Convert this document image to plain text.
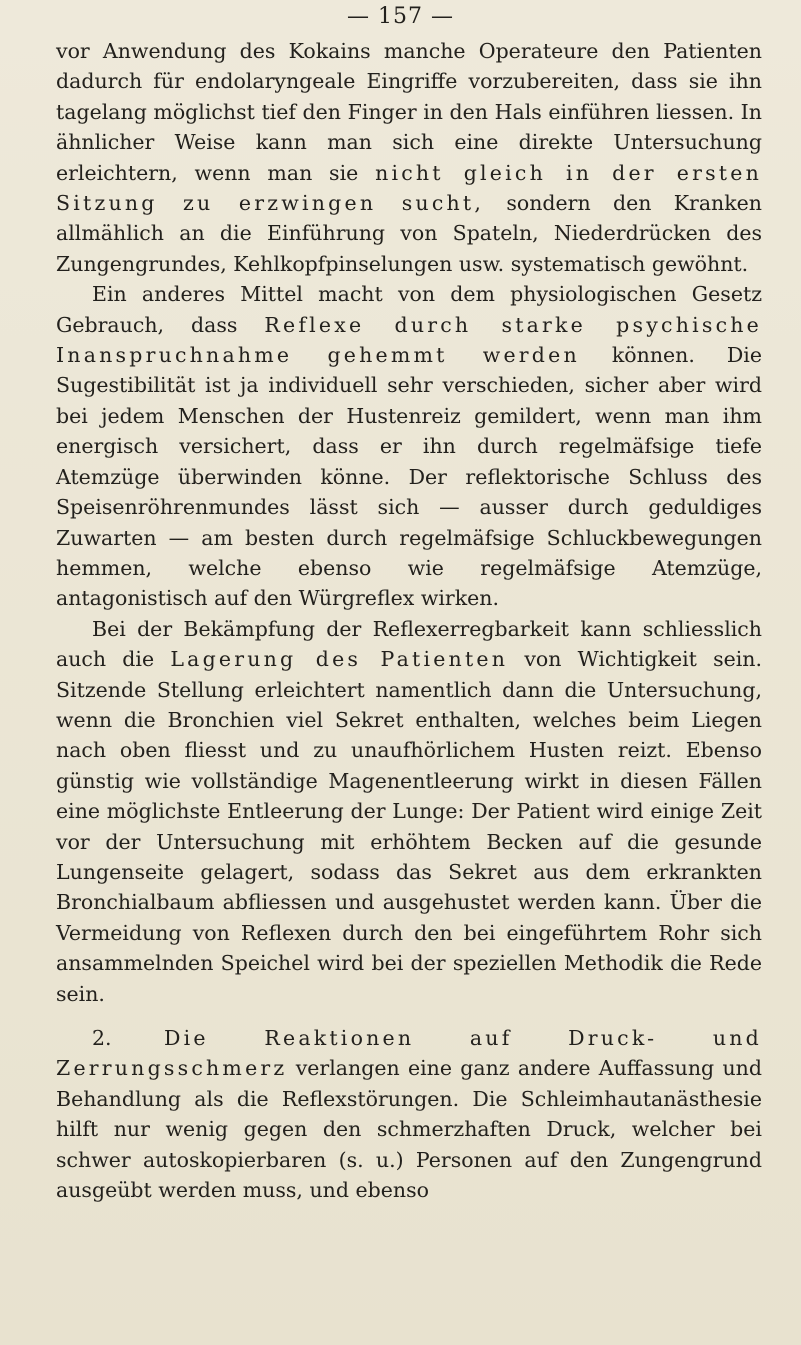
— 157 —

vor Anwendung des Kokains manche Operateure den Patienten dadurch für endolaryngeale Eingriffe vorzubereiten, dass sie ihn tagelang möglichst tief den Finger in den Hals einführen liessen. In ähnlicher Weise kann man sich eine direkte Untersuchung erleichtern, wenn man sie nicht gleich in der ersten Sitzung zu erzwingen sucht, sondern den Kranken allmählich an die Einführung von Spateln, Niederdrücken des Zungengrundes, Kehlkopfpinselungen usw. systematisch gewöhnt.

Ein anderes Mittel macht von dem physiologischen Gesetz Gebrauch, dass Reflexe durch starke psychische Inanspruchnahme gehemmt werden können. Die Sugestibilität ist ja individuell sehr verschieden, sicher aber wird bei jedem Menschen der Hustenreiz gemildert, wenn man ihm energisch versichert, dass er ihn durch regelmäfsige tiefe Atemzüge überwinden könne. Der reflektorische Schluss des Speisenröhrenmundes lässt sich — ausser durch geduldiges Zuwarten — am besten durch regelmäfsige Schluckbewegungen hemmen, welche ebenso wie regelmäfsige Atemzüge, antagonistisch auf den Würgreflex wirken.

Bei der Bekämpfung der Reflexerregbarkeit kann schliesslich auch die Lagerung des Patienten von Wichtigkeit sein. Sitzende Stellung erleichtert namentlich dann die Untersuchung, wenn die Bronchien viel Sekret enthalten, welches beim Liegen nach oben fliesst und zu unaufhörlichem Husten reizt. Ebenso günstig wie vollständige Magenentleerung wirkt in diesen Fällen eine möglichste Entleerung der Lunge: Der Patient wird einige Zeit vor der Untersuchung mit erhöhtem Becken auf die gesunde Lungenseite gelagert, sodass das Sekret aus dem erkrankten Bronchialbaum abfliessen und ausgehustet werden kann. Über die Vermeidung von Reflexen durch den bei eingeführtem Rohr sich ansammelnden Speichel wird bei der speziellen Methodik die Rede sein.

2. Die Reaktionen auf Druck- und Zerrungsschmerz verlangen eine ganz andere Auffassung und Behandlung als die Reflexstörungen. Die Schleimhautanästhesie hilft nur wenig gegen den schmerzhaften Druck, welcher bei schwer autoskopierbaren (s. u.) Personen auf den Zungengrund ausgeübt werden muss, und ebenso
